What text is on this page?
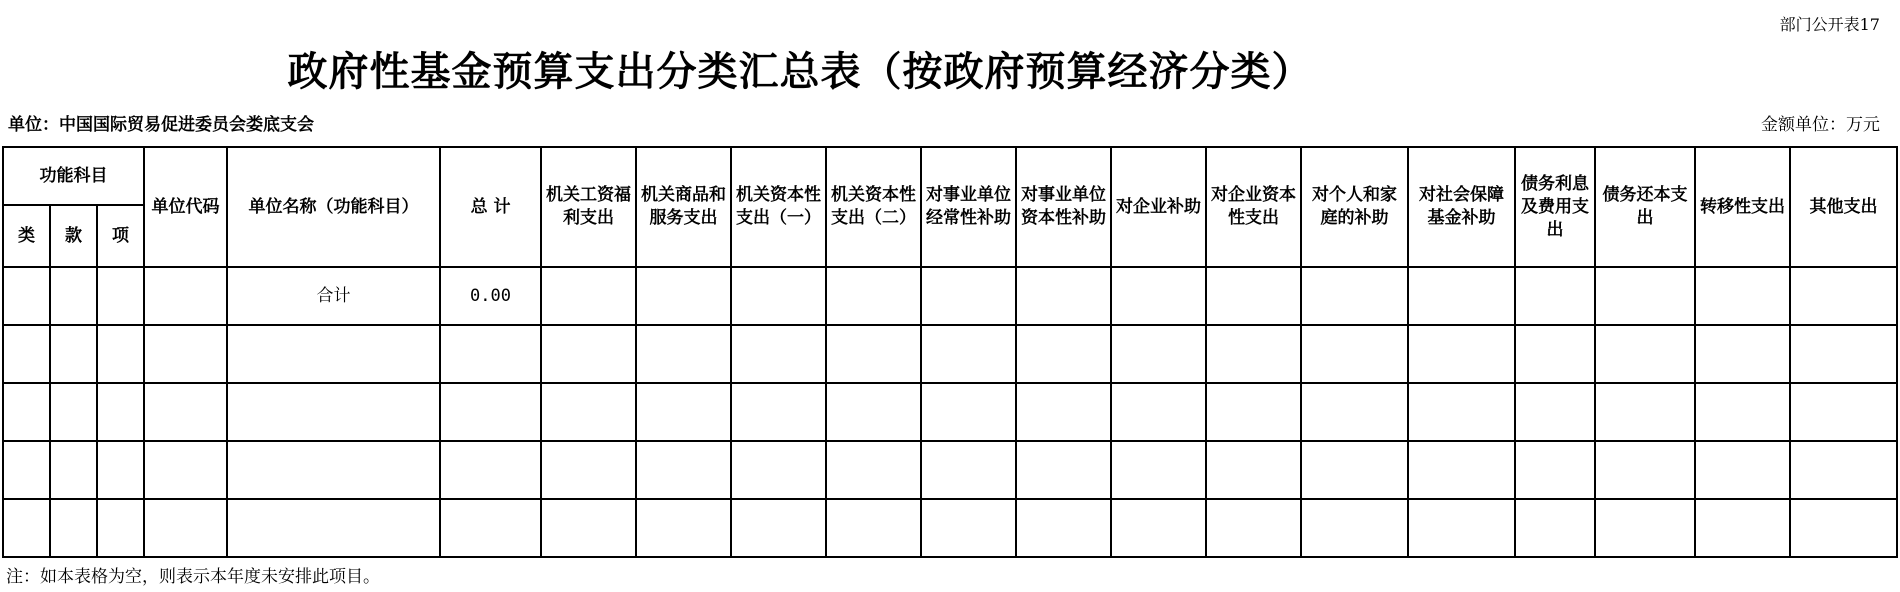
部门公开表17
政府性基金预算支出分类汇总表（按政府预算经济分类）
单位：中国国际贸易促进委员会娄底支会	金额单位：万元
功能科目			单位代码	单位名称（功能科目）	总 计	机关工资福利支出	机关商品和服务支出	机关资本性支出（一）	机关资本性支出（二）	对事业单位经常性补助	对事业单位资本性补助	对企业补助	对企业资本性支出	对个人和家庭的补助	对社会保障基金补助	债务利息及费用支出	债务还本支出	转移性支出	其他支出
类	款	项																	
				合计	0.00														

注：如本表格为空，则表示本年度未安排此项目。
